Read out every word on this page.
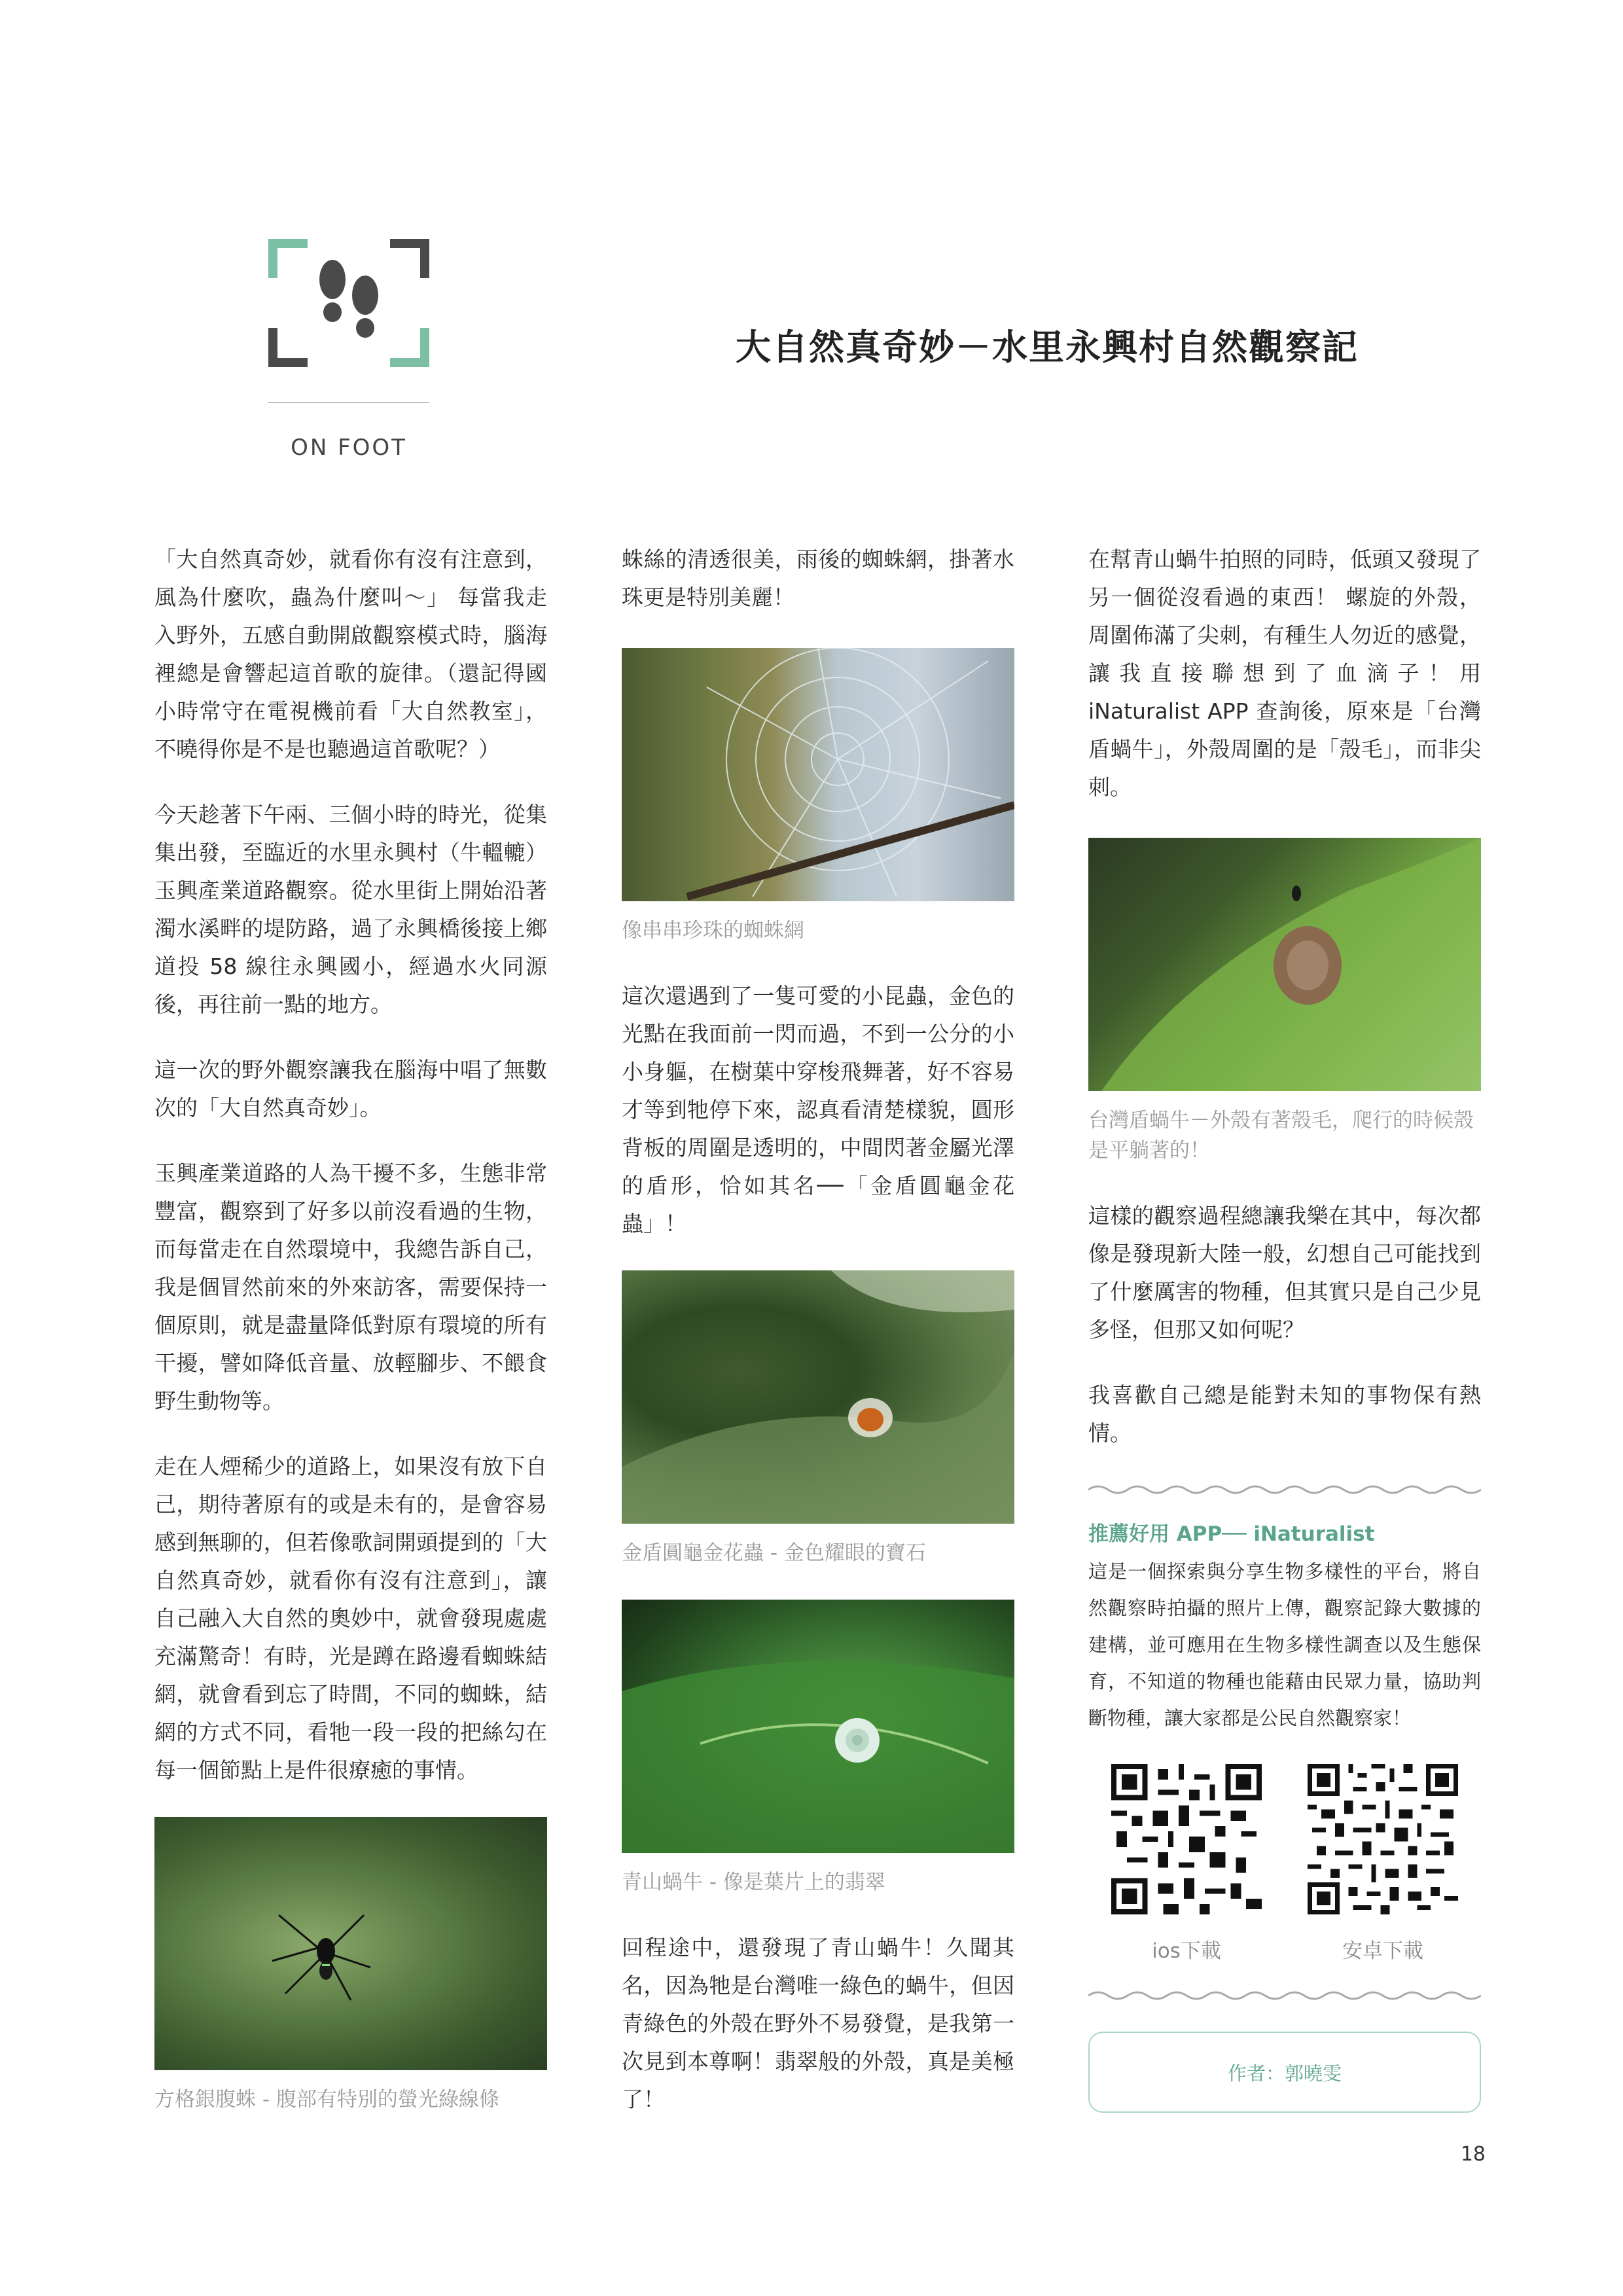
ON FOOT
大自然真奇妙－水里永興村自然觀察記

「大自然真奇妙，就看你有沒有注意到，風為什麼吹，蟲為什麼叫～」 每當我走入野外，五感自動開啟觀察模式時，腦海裡總是會響起這首歌的旋律。（還記得國小時常守在電視機前看「大自然教室」，不曉得你是不是也聽過這首歌呢？）

今天趁著下午兩、三個小時的時光，從集集出發，至臨近的水里永興村（牛轀轆）玉興產業道路觀察。從水里街上開始沿著濁水溪畔的堤防路，過了永興橋後接上鄉道投 58 線往永興國小，經過水火同源後，再往前一點的地方。

這一次的野外觀察讓我在腦海中唱了無數次的「大自然真奇妙」。

玉興產業道路的人為干擾不多，生態非常豐富，觀察到了好多以前沒看過的生物，而每當走在自然環境中，我總告訴自己，我是個冒然前來的外來訪客，需要保持一個原則，就是盡量降低對原有環境的所有干擾，譬如降低音量、放輕腳步、不餵食野生動物等。

走在人煙稀少的道路上，如果沒有放下自己，期待著原有的或是未有的，是會容易感到無聊的，但若像歌詞開頭提到的「大自然真奇妙，就看你有沒有注意到」，讓自己融入大自然的奧妙中，就會發現處處充滿驚奇！有時，光是蹲在路邊看蜘蛛結網，就會看到忘了時間，不同的蜘蛛，結網的方式不同，看牠一段一段的把絲勾在每一個節點上是件很療癒的事情。

方格銀腹蛛 - 腹部有特別的螢光綠線條

蛛絲的清透很美，雨後的蜘蛛網，掛著水珠更是特別美麗！

像串串珍珠的蜘蛛網

這次還遇到了一隻可愛的小昆蟲，金色的光點在我面前一閃而過，不到一公分的小小身軀，在樹葉中穿梭飛舞著，好不容易才等到牠停下來，認真看清楚樣貌，圓形背板的周圍是透明的，中間閃著金屬光澤的盾形，恰如其名──「金盾圓龜金花蟲」！

金盾圓龜金花蟲 - 金色耀眼的寶石
青山蝸牛 - 像是葉片上的翡翠

回程途中，還發現了青山蝸牛！久聞其名，因為牠是台灣唯一綠色的蝸牛，但因青綠色的外殼在野外不易發覺，是我第一次見到本尊啊！翡翠般的外殼，真是美極了！

在幫青山蝸牛拍照的同時，低頭又發現了另一個從沒看過的東西！ 螺旋的外殼，周圍佈滿了尖刺，有種生人勿近的感覺，讓我直接聯想到了血滴子！用 iNaturalist APP 查詢後，原來是「台灣盾蝸牛」，外殼周圍的是「殼毛」，而非尖刺。

台灣盾蝸牛－外殼有著殼毛，爬行的時候殼是平躺著的！

這樣的觀察過程總讓我樂在其中，每次都像是發現新大陸一般，幻想自己可能找到了什麼厲害的物種，但其實只是自己少見多怪，但那又如何呢？

我喜歡自己總是能對未知的事物保有熱情。

推薦好用 APP── iNaturalist

這是一個探索與分享生物多樣性的平台，將自然觀察時拍攝的照片上傳，觀察記錄大數據的建構，並可應用在生物多樣性調查以及生態保育，不知道的物種也能藉由民眾力量，協助判斷物種，讓大家都是公民自然觀察家！

ios下載	安卓下載
作者：郭曉雯
18
